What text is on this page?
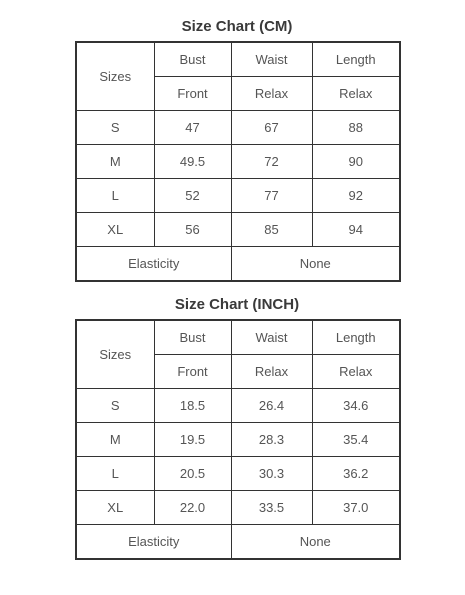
Size Chart (CM)
Sizes	Bust	Waist	Length
	Front	Relax	Relax
S	47	67	88
M	49.5	72	90
L	52	77	92
XL	56	85	94
Elasticity		None	
Size Chart (INCH)
Sizes	Bust	Waist	Length
	Front	Relax	Relax
S	18.5	26.4	34.6
M	19.5	28.3	35.4
L	20.5	30.3	36.2
XL	22.0	33.5	37.0
Elasticity		None	
